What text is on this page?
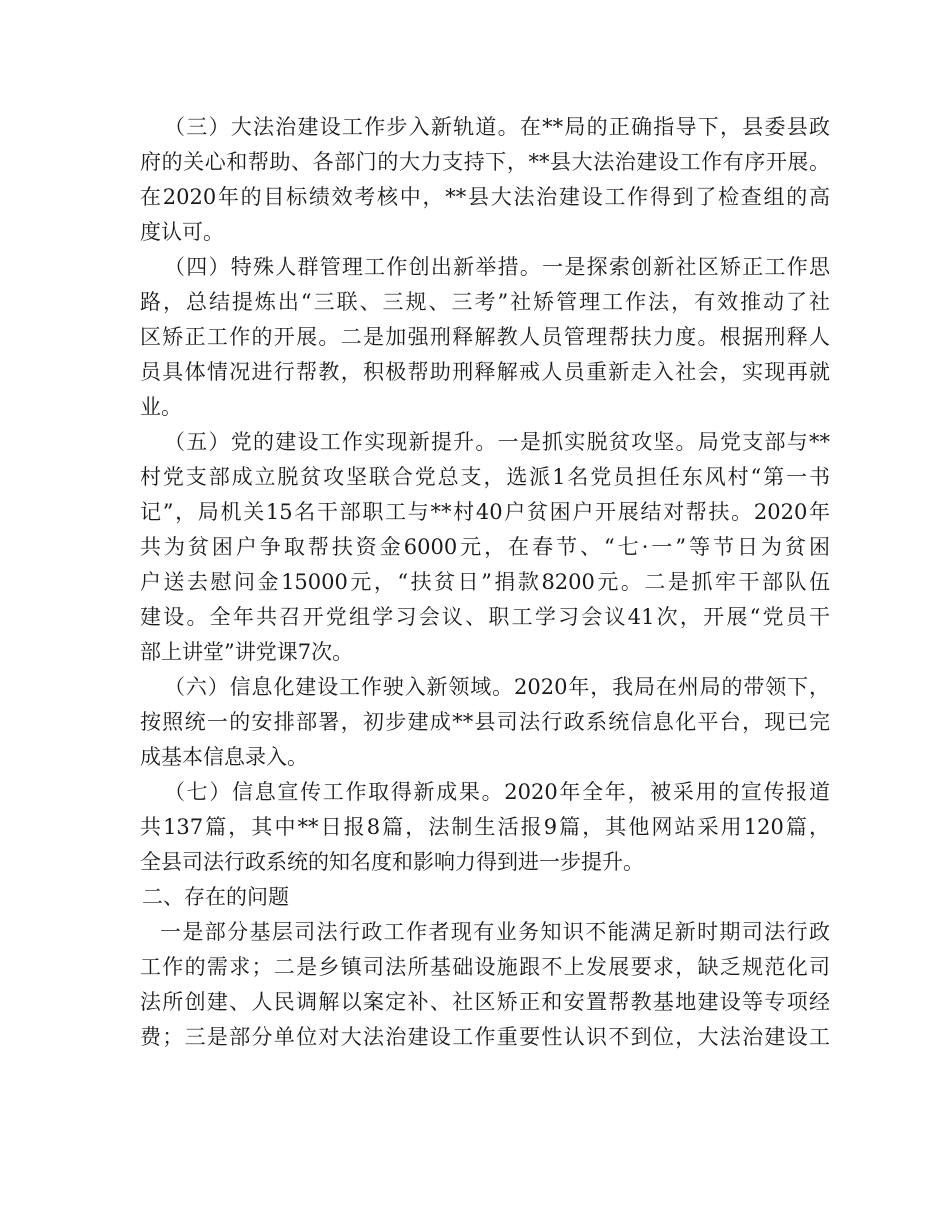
（三）大法治建设工作步入新轨道。在**局的正确指导下，县委县政
府的关心和帮助、各部门的大力支持下，**县大法治建设工作有序开展。
在2020年的目标绩效考核中，**县大法治建设工作得到了检查组的高
度认可。
（四）特殊人群管理工作创出新举措。一是探索创新社区矫正工作思
路，总结提炼出“三联、三规、三考”社矫管理工作法，有效推动了社
区矫正工作的开展。二是加强刑释解教人员管理帮扶力度。根据刑释人
员具体情况进行帮教，积极帮助刑释解戒人员重新走入社会，实现再就
业。
（五）党的建设工作实现新提升。一是抓实脱贫攻坚。局党支部与**
村党支部成立脱贫攻坚联合党总支，选派1名党员担任东风村“第一书
记”，局机关15名干部职工与**村40户贫困户开展结对帮扶。2020年
共为贫困户争取帮扶资金6000元，在春节、“七·一”等节日为贫困
户送去慰问金15000元，“扶贫日”捐款8200元。二是抓牢干部队伍
建设。全年共召开党组学习会议、职工学习会议41次，开展“党员干
部上讲堂”讲党课7次。
（六）信息化建设工作驶入新领域。2020年，我局在州局的带领下，
按照统一的安排部署，初步建成**县司法行政系统信息化平台，现已完
成基本信息录入。
（七）信息宣传工作取得新成果。2020年全年，被采用的宣传报道
共137篇，其中**日报8篇，法制生活报9篇，其他网站采用120篇，
全县司法行政系统的知名度和影响力得到进一步提升。
二、存在的问题
一是部分基层司法行政工作者现有业务知识不能满足新时期司法行政
工作的需求；二是乡镇司法所基础设施跟不上发展要求，缺乏规范化司
法所创建、人民调解以案定补、社区矫正和安置帮教基地建设等专项经
费；三是部分单位对大法治建设工作重要性认识不到位，大法治建设工
